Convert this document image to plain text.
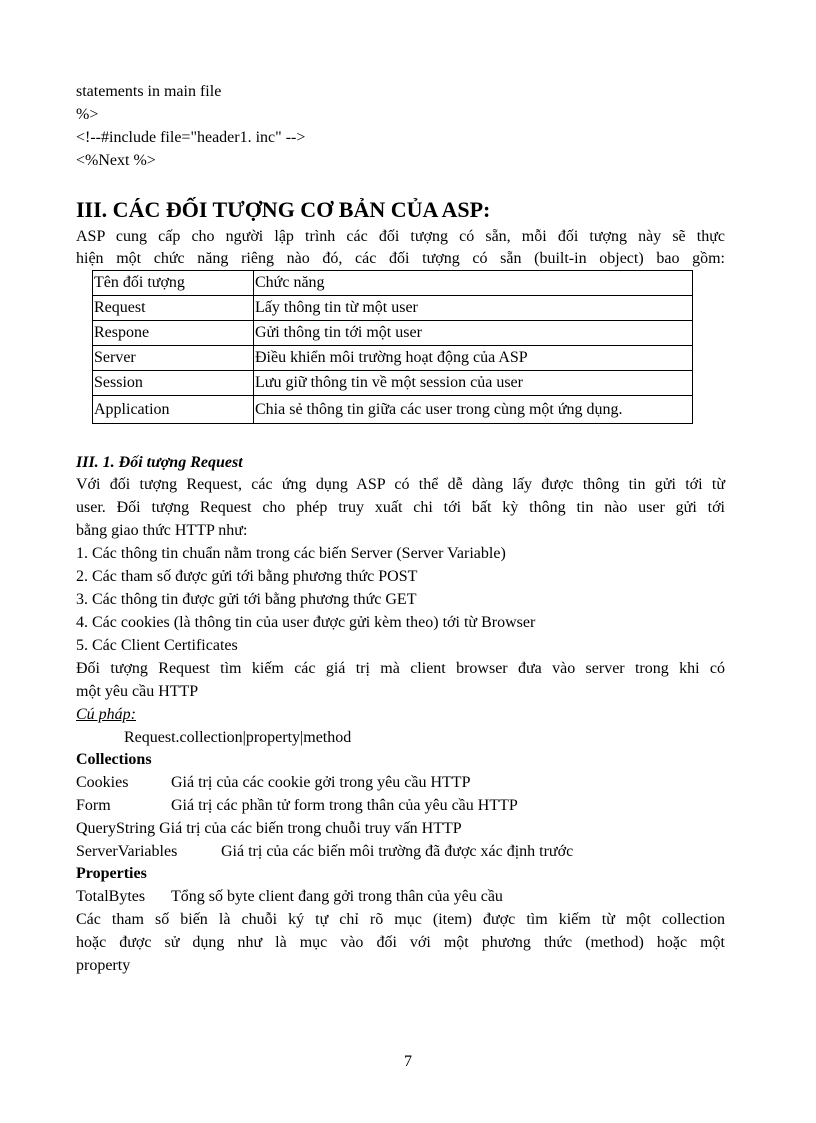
statements in main file
%>
<!--#include file="header1. inc" -->
<%Next %>
III. CÁC ĐỐI TƯỢNG CƠ BẢN CỦA ASP:
ASP cung cấp cho người lập trình các đối tượng có sẵn, mỗi đối tượng này sẽ thực
hiện một chức năng riêng nào đó, các đối tượng có sẵn (built-in object) bao gồm:
Tên đối tượng	Chức năng
Request	Lấy thông tin từ một user
Respone	Gửi thông tin tới một user
Server	Điều khiển môi trường hoạt động của ASP
Session	Lưu giữ thông tin về một session của user
Application	Chia sẻ thông tin giữa các user trong cùng một ứng dụng.
III. 1. Đối tượng Request
Với đối tượng Request, các ứng dụng ASP có thể dễ dàng lấy được thông tin gửi tới từ
user. Đối tượng Request cho phép truy xuất chi tới bất kỳ thông tin nào user gửi tới
bằng giao thức HTTP như:
1. Các thông tin chuẩn nằm trong các biến Server (Server Variable)
2. Các tham số được gửi tới bằng phương thức POST
3. Các thông tin được gửi tới bằng phương thức GET
4. Các cookies (là thông tin của user được gửi kèm theo) tới từ Browser
5. Các Client Certificates
Đối tượng Request tìm kiếm các giá trị mà client browser đưa vào server trong khi có
một yêu cầu HTTP
Cú pháp:
Request.collection|property|method
Collections
Cookies	Giá trị của các cookie gởi trong yêu cầu HTTP
Form	Giá trị các phần tử form trong thân của yêu cầu HTTP
QueryString Giá trị của các biến trong chuỗi truy vấn HTTP
ServerVariables	Giá trị của các biến môi trường đã được xác định trước
Properties
TotalBytes Tổng số byte client đang gởi trong thân của yêu cầu
Các tham số biến là chuỗi ký tự chỉ rõ mục (item) được tìm kiếm từ một collection
hoặc được sử dụng như là mục vào đối với một phương thức (method) hoặc một
property
7
